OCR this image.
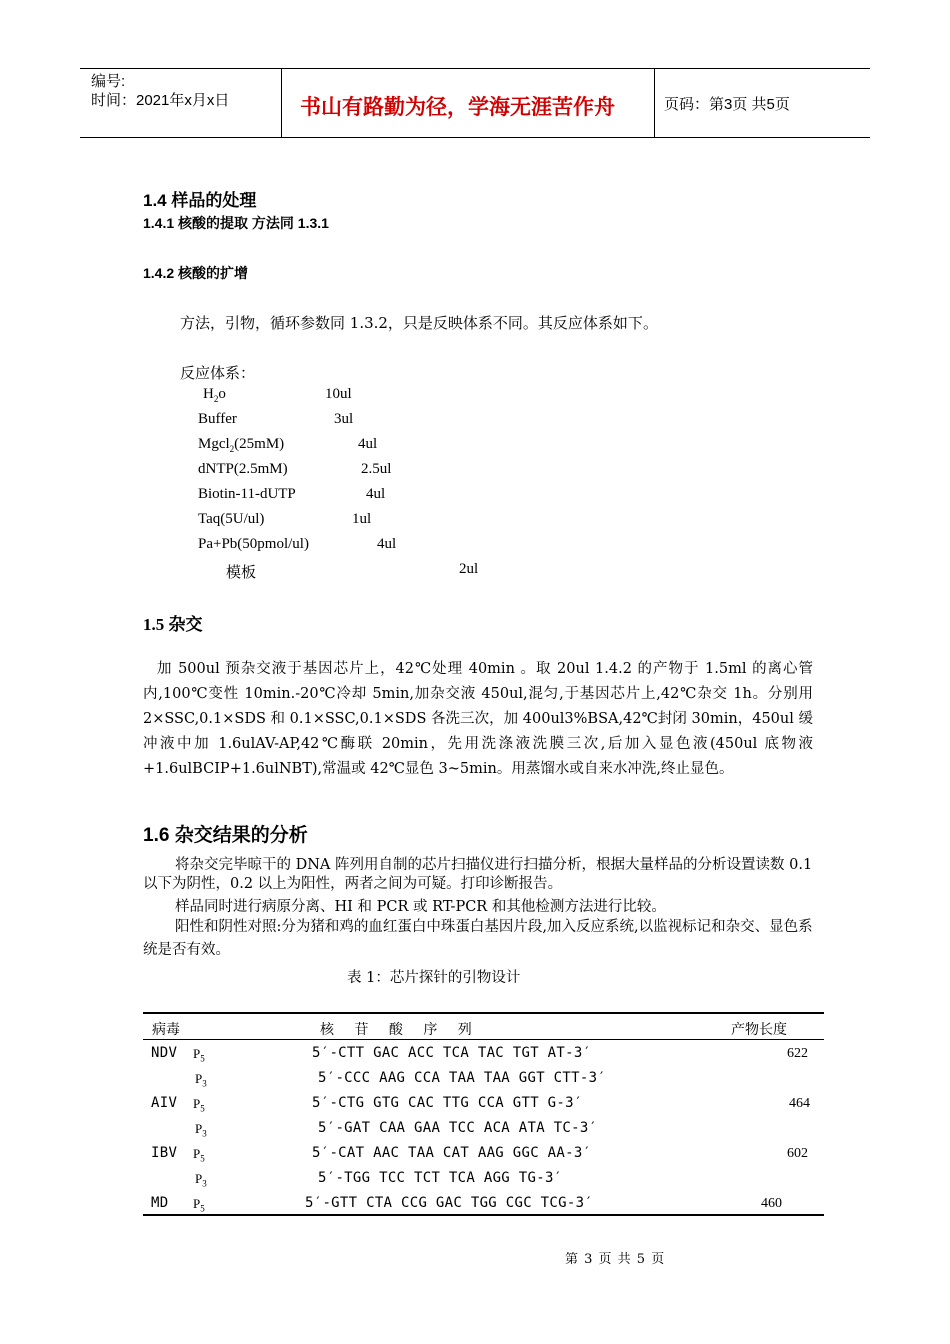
编号:
时间：2021年x月x日	书山有路勤为径，学海无涯苦作舟	页码：第3页 共5页
1.4 样品的处理
1.4.1 核酸的提取 方法同 1.3.1
1.4.2 核酸的扩增
方法，引物，循环参数同 1.3.2，只是反映体系不同。其反应体系如下。
反应体系：
$H_2o$	10ul
Buffer	3ul
Mgcl$_2$(25mM)	4ul
dNTP(2.5mM)	2.5ul
Biotin-11-dUTP	4ul
Taq(5U/ul)	1ul
Pa+Pb(50pmol/ul)	4ul
模板	2ul
1.5 杂交
加 500ul 预杂交液于基因芯片上，42℃处理 40min 。取 20ul 1.4.2 的产物于 1.5ml 的离心管内,100℃变性 10min.-20℃冷却 5min,加杂交液 450ul,混匀,于基因芯片上,42℃杂交 1h。分别用 2×SSC,0.1×SDS 和 0.1×SSC,0.1×SDS 各洗三次，加 400ul3%BSA,42℃封闭 30min，450ul 缓冲液中加 1.6ulAV-AP,42℃酶联 20min，先用洗涤液洗膜三次,后加入显色液(450ul 底物液+1.6ulBCIP+1.6ulNBT),常温或 42℃显色 3~5min。用蒸馏水或自来水冲洗,终止显色。
1.6 杂交结果的分析
将杂交完毕晾干的 DNA 阵列用自制的芯片扫描仪进行扫描分析，根据大量样品的分析设置读数 0.1 以下为阴性，0.2 以上为阳性，两者之间为可疑。打印诊断报告。
样品同时进行病原分离、HI 和 PCR 或 RT-PCR 和其他检测方法进行比较。
阳性和阴性对照:分为猪和鸡的血红蛋白中珠蛋白基因片段,加入反应系统,以监视标记和杂交、显色系统是否有效。
表 1：芯片探针的引物设计
病毒	核 苷 酸 序 列	产物长度
NDV $P_5$	5′-CTT GAC ACC TCA TAC TGT AT-3′	622
$P_3$	5′-CCC AAG CCA TAA TAA GGT CTT-3′
AIV $P_5$	5′-CTG GTG CAC TTG CCA GTT G-3′	464
$P_3$	5′-GAT CAA GAA TCC ACA ATA TC-3′
IBV $P_5$	5′-CAT AAC TAA CAT AAG GGC AA-3′	602
$P_3$	5′-TGG TCC TCT TCA AGG TG-3′
MD $P_5$	5′-GTT CTA CCG GAC TGG CGC TCG-3′	460
第 3 页 共 5 页
